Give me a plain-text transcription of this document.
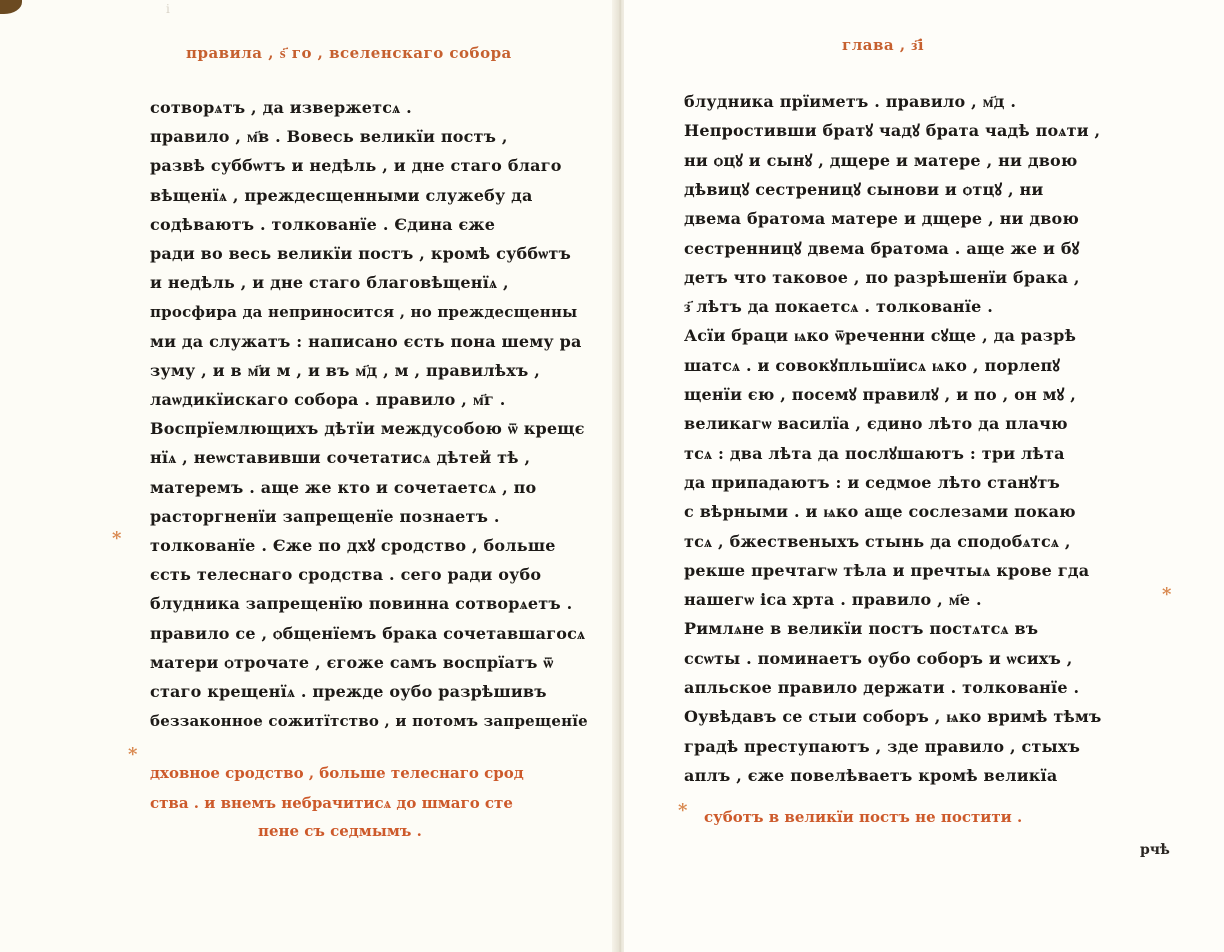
ⅰ
правила , ѕ҃ го , вселенскаго собора
сотворѧтъ , да извержетсѧ .
правило , м҃в . Вовесь великїи постъ ,
развѣ суббѡтъ и недѣль , и дне стаго благо
вѣщенїѧ , преждесщенными служебу да
содѣваютъ . толкованїе . Єдина єже
ради во весь великїи постъ , кромѣ суббѡтъ
и недѣль , и дне стаго благовѣщенїѧ ,
просфира да неприносится , но преждесщенны
ми да служатъ : написано єсть пона шему ра
зуму , и в м҃и м , и въ м҃д , м , правилѣхъ ,
лаѡдикїискаго собора . правило , м҃г .
Воспрїемлющихъ дѣтїи междусобою ѿ крещє
нїѧ , неѡставивши сочетатисѧ дѣтей тѣ ,
матеремъ . аще же кто и сочетаетсѧ , по
расторгненїи запрещенїе познаетъ .
толкованїе . Єже по дхꙋ сродство , больше
єсть телеснаго сродства . сего ради оубо
блудника запрещенїю повинна сотворѧетъ .
правило се , ѻбщенїемъ брака сочетавшагосѧ
матери ѻтрочате , єгоже самъ воспрїатъ ѿ
стаго крещенїѧ . прежде оубо разрѣшивъ
беззаконное сожитїтство , и потомъ запрещенїе
*
*
дховное сродство , больше телеснаго срод
ства . и внемъ небрачитисѧ до шмаго сте
пене съ седмымъ .
глава , з҃i
блудника прїиметъ . правило , м҃д .
Непростивши братꙋ чадꙋ брата чадѣ поѧти ,
ни ѻцꙋ и сынꙋ , дщере и матере , ни двою
дѣвицꙋ сестреницꙋ сынови и ѻтцꙋ , ни
двема братома матере и дщере , ни двою
сестренницꙋ двема братома . аще же и бꙋ
детъ что таковое , по разрѣшенїи брака ,
з҃ лѣтъ да покаетсѧ . толкованїе .
Асїи браци ѩко ѿреченни сꙋще , да разрѣ
шатсѧ . и совокꙋпльшїисѧ ѩко , порлепꙋ
щенїи єю , посемꙋ правилꙋ , и по , он мꙋ ,
великагѡ василїа , єдино лѣто да плачю
тсѧ : два лѣта да послꙋшаютъ : три лѣта
да припадаютъ : и седмое лѣто станꙋтъ
с вѣрными . и ѩко аще сослезами покаю
тсѧ , бжественыхъ стынь да сподобѧтсѧ ,
рекше пречтагѡ тѣла и пречтыѧ крове гда
нашегѡ іса хрта . правило , м҃е .
Римлѧне в великїи постъ постѧтсѧ въ
ссѡты . поминаетъ оубо соборъ и ѡсихъ ,
апльское правило держати . толкованїе .
Оувѣдавъ се стыи соборъ , ѩко вримѣ тѣмъ
градѣ преступаютъ , зде правило , стыхъ
аплъ , єже повелѣваетъ кромѣ великїа
*
* суботъ в великїи постъ не постити .
рчѣ
